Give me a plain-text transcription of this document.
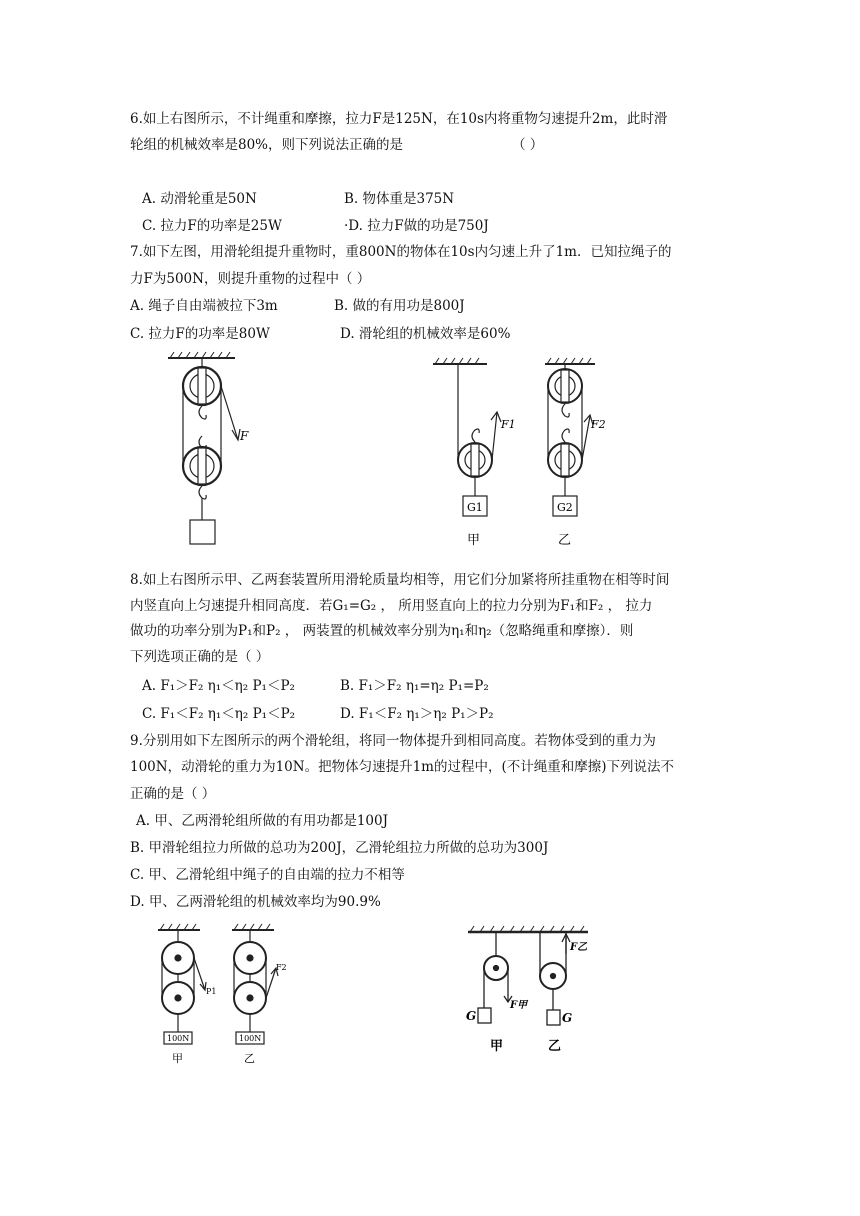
6.如上右图所示，不计绳重和摩擦，拉力F是125N，在10s内将重物匀速提升2m，此时滑
轮组的机械效率是80%，则下列说法正确的是	（ ）
A. 动滑轮重是50N	B. 物体重是375N
C. 拉力F的功率是25W	·D. 拉力F做的功是750J
7.如下左图，用滑轮组提升重物时，重800N的物体在10s内匀速上升了1m．已知拉绳子的
力F为500N，则提升重物的过程中（ ）
A. 绳子自由端被拉下3m	B. 做的有用功是800J
C. 拉力F的功率是80W	D. 滑轮组的机械效率是60%
F
F1	F2
G1	G2
甲	乙
8.如上右图所示甲、乙两套装置所用滑轮质量均相等，用它们分加紧将所挂重物在相等时间
内竖直向上匀速提升相同高度．若G₁=G₂ ， 所用竖直向上的拉力分别为F₁和F₂ ， 拉力
做功的功率分别为P₁和P₂ ， 两装置的机械效率分别为η₁和η₂（忽略绳重和摩擦）．则
下列选项正确的是（ ）
A. F₁＞F₂ η₁＜η₂ P₁＜P₂	B. F₁＞F₂ η₁=η₂ P₁=P₂
C. F₁＜F₂ η₁＜η₂ P₁＜P₂	D. F₁＜F₂ η₁＞η₂ P₁＞P₂
9.分别用如下左图所示的两个滑轮组，将同一物体提升到相同高度。若物体受到的重力为
100N，动滑轮的重力为10N。把物体匀速提升1m的过程中，(不计绳重和摩擦)下列说法不
正确的是（ ）
A. 甲、乙两滑轮组所做的有用功都是100J
B. 甲滑轮组拉力所做的总功为200J，乙滑轮组拉力所做的总功为300J
C. 甲、乙滑轮组中绳子的自由端的拉力不相等
D. 甲、乙两滑轮组的机械效率均为90.9%
P1
F2
100N	100N
甲	乙
G	G
F甲
F乙
甲	乙
